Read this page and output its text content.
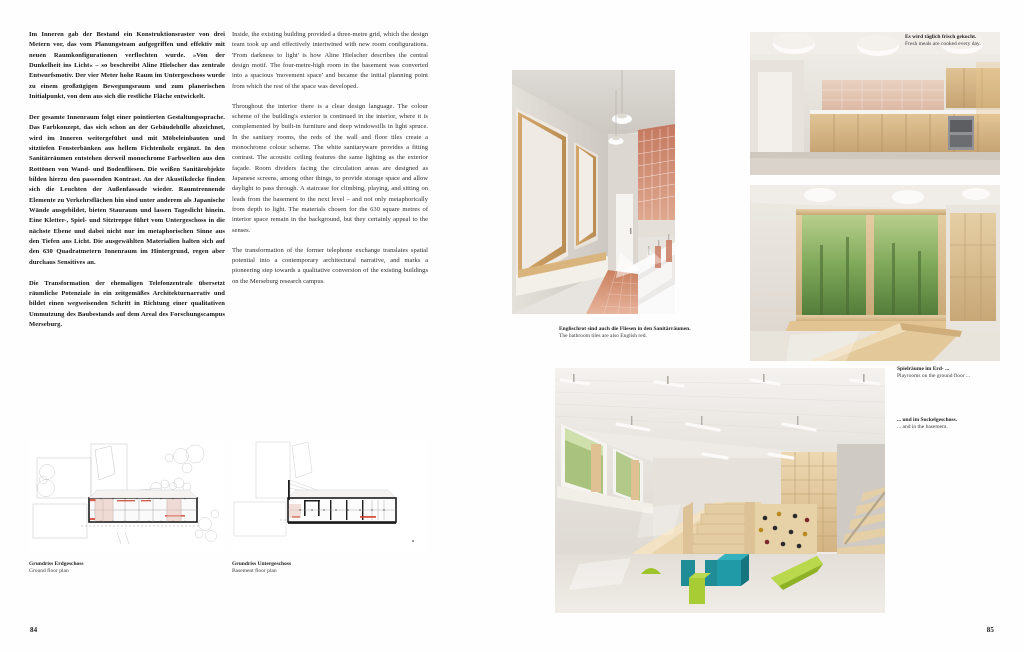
Im Inneren gab der Bestand ein Konstruktionsraster von drei Metern vor, das vom Planungsteam aufgegriffen und effektiv mit neuen Raumkonfigurationen verflochten wurde. »Von der Dunkelheit ins Licht« – so beschreibt Aline Hielscher das zentrale Entwurfsmotiv. Der vier Meter hohe Raum im Untergeschoss wurde zu einem großzügigen Bewegungsraum und zum planerischen Initialpunkt, von dem aus sich die restliche Fläche entwickelt.

Der gesamte Innenraum folgt einer pointierten Gestaltungssprache. Das Farbkonzept, das sich schon an der Gebäudehülle abzeichnet, wird im Inneren weitergeführt und mit Möbeleinbauten und sitztiefen Fensterbänken aus hellem Fichtenholz ergänzt. In den Sanitärräumen entstehen derweil monochrome Farbwelten aus den Rottönen von Wand- und Bodenfliesen. Die weißen Sanitärobjekte bilden hierzu den passenden Kontrast. An der Akustikdecke finden sich die Leuchten der Außenfassade wieder. Raumtrennende Elemente zu Verkehrsflächen hin sind unter anderem als Japanische Wände ausgebildet, bieten Stauraum und lassen Tageslicht hinein. Eine Kletter-, Spiel- und Sitztreppe führt vom Untergeschoss in die nächste Ebene und dabei nicht nur im metaphorischen Sinne aus den Tiefen ans Licht. Die ausgewählten Materialien halten sich auf den 630 Quadratmetern Innenraum im Hintergrund, regen aber durchaus Sensitives an.

Die Transformation der ehemaligen Telefonzentrale übersetzt räumliche Potenziale in ein zeitgemäßes Architekturnarrativ und bildet einen wegweisenden Schritt in Richtung einer qualitativen Ummutzung des Baubestands auf dem Areal des Forschungscampus Merseburg.

Inside, the existing building provided a three-metre grid, which the design team took up and effectively intertwined with new room configurations. 'From darkness to light' is how Aline Hielscher describes the central design motif. The four-metre-high room in the basement was converted into a spacious 'movement space' and became the initial planning point from which the rest of the space was developed.

Throughout the interior there is a clear design language. The colour scheme of the building's exterior is continued in the interior, where it is complemented by built-in furniture and deep windowsills in light spruce. In the sanitary rooms, the reds of the wall and floor tiles create a monochrome colour scheme. The white sanitaryware provides a fitting contrast. The acoustic ceiling features the same lighting as the exterior façade. Room dividers facing the circulation areas are designed as Japanese screens, among other things, to provide storage space and allow daylight to pass through. A staircase for climbing, playing, and sitting on leads from the basement to the next level – and not only metaphorically from depth to light. The materials chosen for the 630 square metres of interior space remain in the background, but they certainly appeal to the senses.

The transformation of the former telephone exchange translates spatial potential into a contemporary architectural narrative, and marks a pioneering step towards a qualitative conversion of the existing buildings on the Merseburg research campus.

Es wird täglich frisch gekocht.
Fresh meals are cooked every day.
Englischrot sind auch die Fliesen in den Sanitärräumen.
The bathroom tiles are also English red.
Spielräume im Erd- ...
Playrooms on the ground floor ...
... und im Sockelgeschoss.
... and in the basement.
Grundriss Erdgeschoss
Ground floor plan
Grundriss Untergeschoss
Basement floor plan
84	85
